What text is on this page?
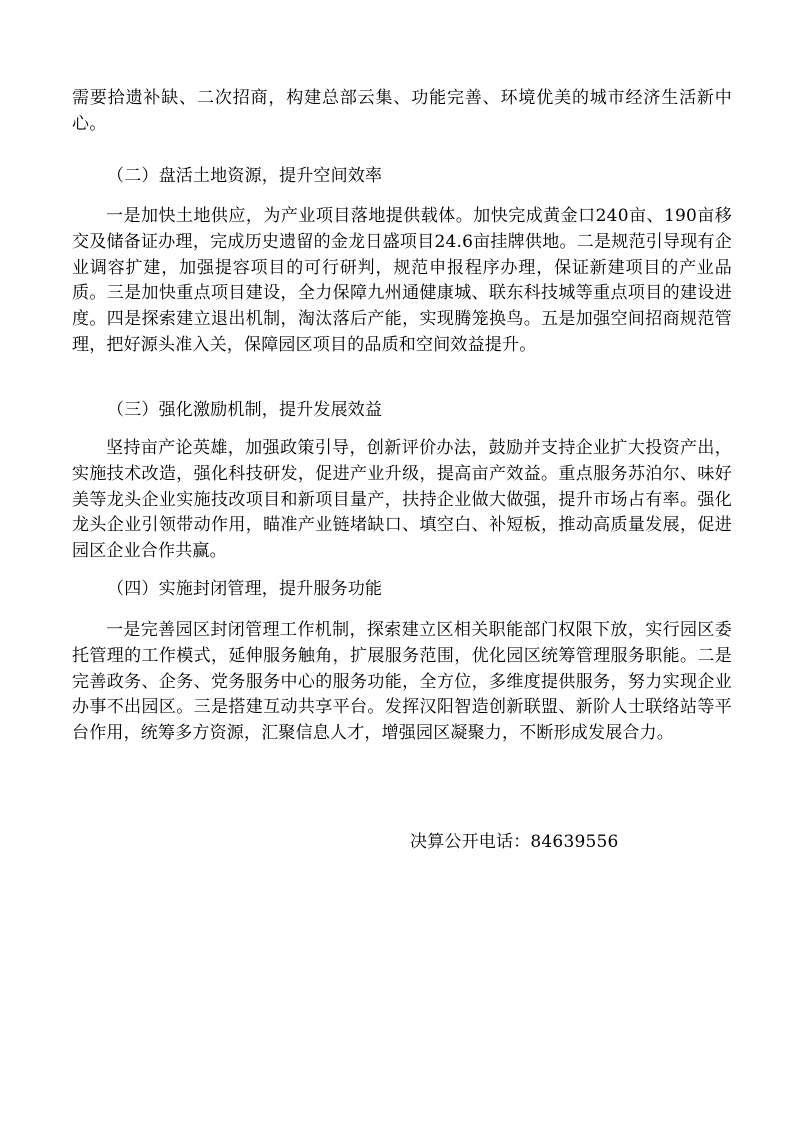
需要拾遗补缺、二次招商，构建总部云集、功能完善、环境优美的城市经济生活新中心。

（二）盘活土地资源，提升空间效率

一是加快土地供应，为产业项目落地提供载体。加快完成黄金口240亩、190亩移交及储备证办理，完成历史遗留的金龙日盛项目24.6亩挂牌供地。二是规范引导现有企业调容扩建，加强提容项目的可行研判，规范申报程序办理，保证新建项目的产业品质。三是加快重点项目建设，全力保障九州通健康城、联东科技城等重点项目的建设进度。四是探索建立退出机制，淘汰落后产能，实现腾笼换鸟。五是加强空间招商规范管理，把好源头准入关，保障园区项目的品质和空间效益提升。

（三）强化激励机制，提升发展效益

坚持亩产论英雄，加强政策引导，创新评价办法，鼓励并支持企业扩大投资产出，实施技术改造，强化科技研发，促进产业升级，提高亩产效益。重点服务苏泊尔、味好美等龙头企业实施技改项目和新项目量产，扶持企业做大做强，提升市场占有率。强化龙头企业引领带动作用，瞄准产业链堵缺口、填空白、补短板，推动高质量发展，促进园区企业合作共赢。

（四）实施封闭管理，提升服务功能

一是完善园区封闭管理工作机制，探索建立区相关职能部门权限下放，实行园区委托管理的工作模式，延伸服务触角，扩展服务范围，优化园区统筹管理服务职能。二是完善政务、企务、党务服务中心的服务功能，全方位，多维度提供服务，努力实现企业办事不出园区。三是搭建互动共享平台。发挥汉阳智造创新联盟、新阶人士联络站等平台作用，统筹多方资源，汇聚信息人才，增强园区凝聚力，不断形成发展合力。

决算公开电话：84639556
